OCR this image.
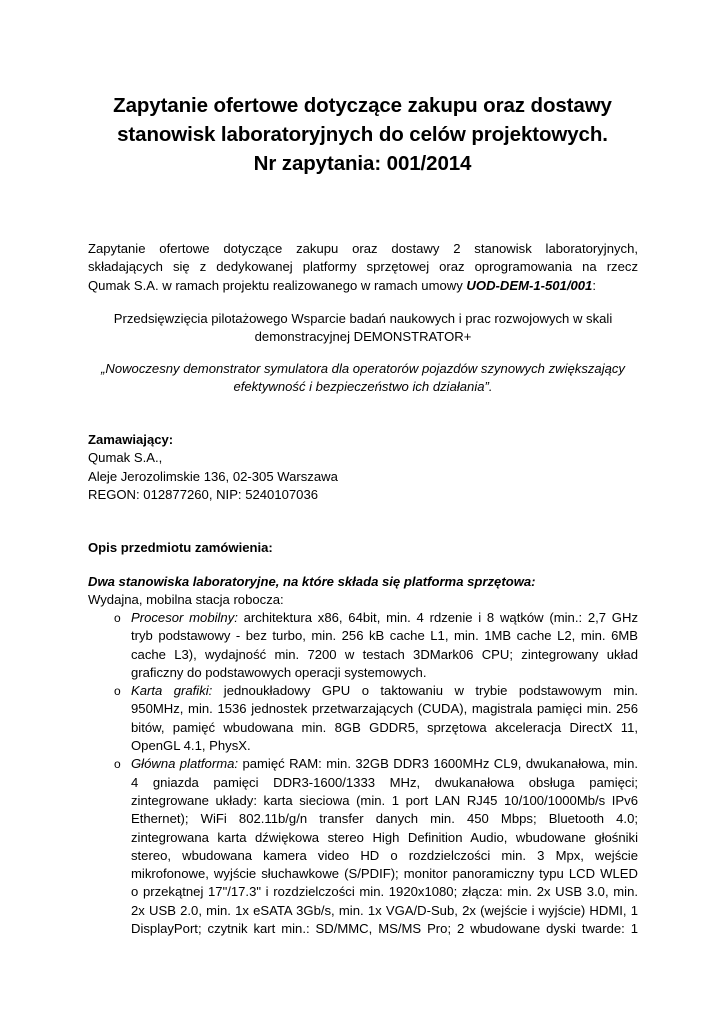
Zapytanie ofertowe dotyczące zakupu oraz dostawy
stanowisk laboratoryjnych do celów projektowych.
Nr zapytania: 001/2014
Zapytanie ofertowe dotyczące zakupu oraz dostawy 2 stanowisk laboratoryjnych,
składających się z dedykowanej platformy sprzętowej oraz oprogramowania na rzecz
Qumak S.A. w ramach projektu realizowanego w ramach umowy UOD-DEM-1-501/001:
Przedsięwzięcia pilotażowego Wsparcie badań naukowych i prac rozwojowych w skali
demonstracyjnej DEMONSTRATOR+
„Nowoczesny demonstrator symulatora dla operatorów pojazdów szynowych zwiększający
efektywność i bezpieczeństwo ich działania”.
Zamawiający:
Qumak S.A.,
Aleje Jerozolimskie 136, 02-305 Warszawa
REGON: 012877260, NIP: 5240107036
Opis przedmiotu zamówienia:
Dwa stanowiska laboratoryjne, na które składa się platforma sprzętowa:
Wydajna, mobilna stacja robocza:
o Procesor mobilny: architektura x86, 64bit, min. 4 rdzenie i 8 wątków (min.: 2,7 GHz
tryb podstawowy - bez turbo, min. 256 kB cache L1, min. 1MB cache L2, min. 6MB
cache L3), wydajność min. 7200 w testach 3DMark06 CPU; zintegrowany układ
graficzny do podstawowych operacji systemowych.
o Karta grafiki: jednoukładowy GPU o taktowaniu w trybie podstawowym min.
950MHz, min. 1536 jednostek przetwarzających (CUDA), magistrala pamięci min. 256
bitów, pamięć wbudowana min. 8GB GDDR5, sprzętowa akceleracja DirectX 11,
OpenGL 4.1, PhysX.
o Główna platforma: pamięć RAM: min. 32GB DDR3 1600MHz CL9, dwukanałowa, min.
4 gniazda pamięci DDR3-1600/1333 MHz, dwukanałowa obsługa pamięci;
zintegrowane układy: karta sieciowa (min. 1 port LAN RJ45 10/100/1000Mb/s IPv6
Ethernet); WiFi 802.11b/g/n transfer danych min. 450 Mbps; Bluetooth 4.0;
zintegrowana karta dźwiękowa stereo High Definition Audio, wbudowane głośniki
stereo, wbudowana kamera video HD o rozdzielczości min. 3 Mpx, wejście
mikrofonowe, wyjście słuchawkowe (S/PDIF); monitor panoramiczny typu LCD WLED
o przekątnej 17"/17.3" i rozdzielczości min. 1920x1080; złącza: min. 2x USB 3.0, min.
2x USB 2.0, min. 1x eSATA 3Gb/s, min. 1x VGA/D-Sub, 2x (wejście i wyjście) HDMI, 1
DisplayPort; czytnik kart min.: SD/MMC, MS/MS Pro; 2 wbudowane dyski twarde: 1
